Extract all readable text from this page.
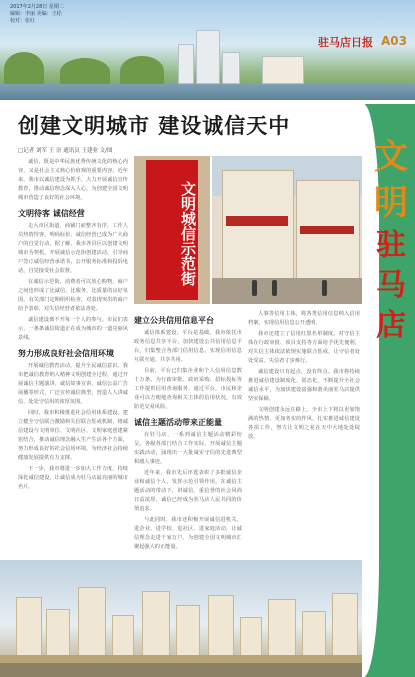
2017年2月28日 星期二
编辑：李丽 美编：王松
校对：张红
驻马店日报 A03
创建文明城市 建设诚信天中
□记者 刘军 王 崇 通讯员 王建业 文/图	文
明
驻
马
店

诚信，既是中华民族优秀传统文化的核心内容，又是社会主义核心价值观的重要内容。近年来，我市以诚信建设为抓手，大力开展诚信宣传教育，推动诚信理念深入人心，为创建全国文明城市营造了良好的社会环境。

文明待客 诚信经营

走入市区街道，商铺门前整齐有序，工作人员热情待客，明码标价、诚信经营已成为广大商户的自觉行动。据了解，我市各县区以创建文明城市为契机，开展诚信示范街创建活动，引导商户签订诚信经营承诺书，公开服务标准和投诉电话，自觉接受社会监督。

在诚信示范街，消费者可以放心购物，商户之间也形成了比诚信、比服务、比质量的良好氛围。有关部门定期组织检查，对表现突出的商户给予表彰，对失信经营者依法查处。

诚信建设离不开每一个人的参与。市民们表示，一条条诚信街道正在成为城市的一道亮丽风景线。

努力形成良好社会信用环境

开展诚信教育活动，提升全民诚信意识。我市把诚信教育纳入精神文明创建全过程，通过开展诚信主题演讲、诚信故事宣讲、诚信公益广告展播等形式，广泛宣传诚信典型，营造人人讲诚信、处处守信用的浓厚氛围。

同时，我市积极推进社会信用体系建设，建立健全守信联合激励和失信联合惩戒机制，将诚信建设与文明单位、文明社区、文明家庭创建紧密结合，推动诚信理念融入生产生活各个方面，努力形成良好的社会信用环境，为经济社会持续健康发展提供有力支撑。

下一步，我市将进一步加大工作力度，持续深化诚信建设，让诚信成为驻马店最亮丽的城市名片。

文明城信示范街
建立公共信用信息平台

诚信体系建设，平台是基础。我市依托市政务信息共享平台，加快建设公共信用信息平台，归集整合各部门信用信息，实现信用信息互联互通、共享共用。

目前，平台已归集企业和个人信用信息数十万条，为行政审批、政府采购、招标投标等工作提供信用查询服务。通过平台，市民和企业可以方便地查询相关主体的信用状况，有效防范交易风险。

诚信主题活动带来正能量

在驻马店，一系列诚信主题活动精彩纷呈。各级各部门结合工作实际，开展诚信主题实践活动，涌现出一大批诚实守信的先进典型和感人事迹。

近年来，我市先后评选表彰了多批诚信企业和诚信个人，发挥示范引领作用。在诚信主题活动的带动下，讲诚信、重信誉的社会风尚日益浓厚，诚信已经成为驻马店人民共同的价值追求。

与此同时，我市还积极开展诚信进机关、进企业、进学校、进社区、进家庭活动，让诚信理念走进千家万户，为创建全国文明城市汇聚起强大的正能量。

人事等信用主体，将各类信用信息纳入信用档案，实现信用信息公开透明。

我市还建立了信用红黑名单制度，对守信主体在行政审批、项目支持等方面给予优先便利，对失信主体依法依规实施联合惩戒，让守信者处处受益、失信者寸步难行。

诚信建设只有起点，没有终点。我市将持续推进诚信建设制度化、常态化，不断提升全社会诚信水平，为加快建设富强和谐美丽驻马店提供坚实保障。

文明创建永远在路上。全市上下将以更加饱满的热情、更加务实的作风，扎实推进诚信建设各项工作，努力让文明之花在天中大地处处绽放。
